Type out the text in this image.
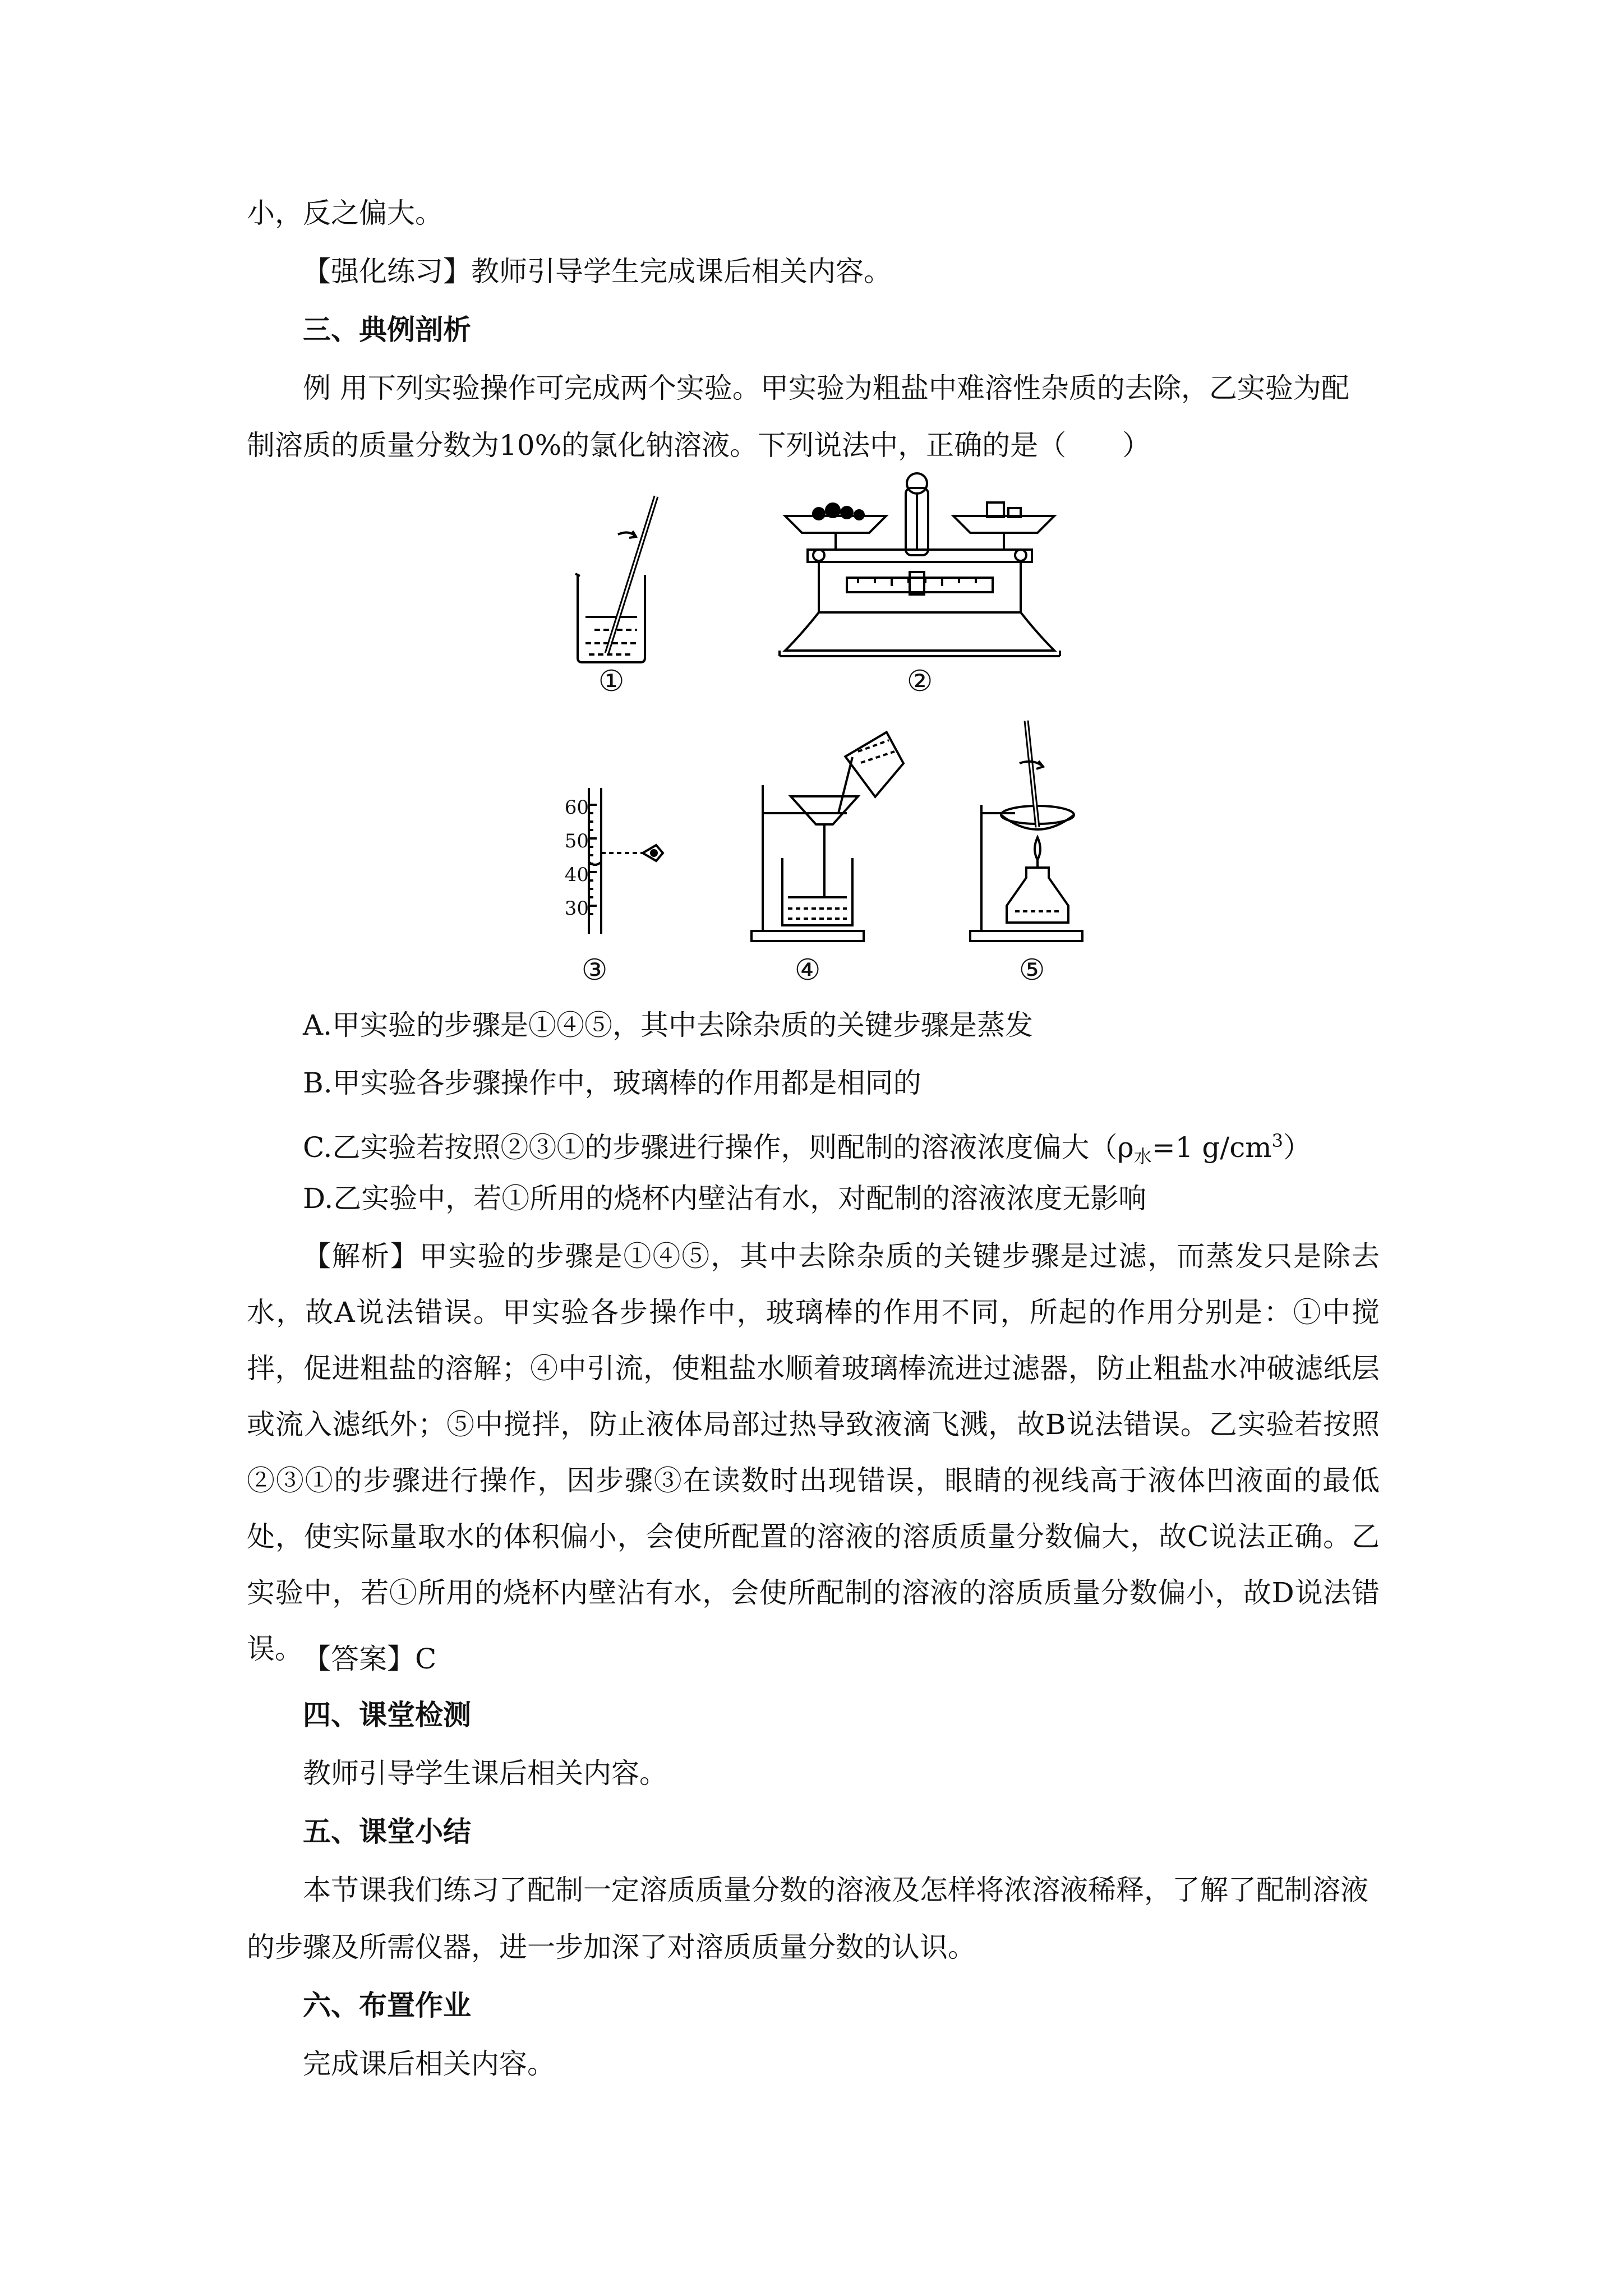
小，反之偏大。
【强化练习】教师引导学生完成课后相关内容。
三、典例剖析
例 用下列实验操作可完成两个实验。甲实验为粗盐中难溶性杂质的去除，乙实验为配
制溶质的质量分数为10%的氯化钠溶液。下列说法中，正确的是（　　）
①	②
60
50
40
30
③	④	⑤
A.甲实验的步骤是①④⑤，其中去除杂质的关键步骤是蒸发
B.甲实验各步骤操作中，玻璃棒的作用都是相同的
C.乙实验若按照②③①的步骤进行操作，则配制的溶液浓度偏大（$\rho_水=1$ $g/cm^3$）
D.乙实验中，若①所用的烧杯内壁沾有水，对配制的溶液浓度无影响
【解析】甲实验的步骤是①④⑤，其中去除杂质的关键步骤是过滤，而蒸发只是除去水，故A说法错误。甲实验各步操作中，玻璃棒的作用不同，所起的作用分别是：①中搅拌，促进粗盐的溶解；④中引流，使粗盐水顺着玻璃棒流进过滤器，防止粗盐水冲破滤纸层或流入滤纸外；⑤中搅拌，防止液体局部过热导致液滴飞溅，故B说法错误。乙实验若按照②③①的步骤进行操作，因步骤③在读数时出现错误，眼睛的视线高于液体凹液面的最低处，使实际量取水的体积偏小，会使所配置的溶液的溶质质量分数偏大，故C说法正确。乙实验中，若①所用的烧杯内壁沾有水，会使所配制的溶液的溶质质量分数偏小，故D说法错误。 【答案】C
四、课堂检测
教师引导学生课后相关内容。
五、课堂小结
本节课我们练习了配制一定溶质质量分数的溶液及怎样将浓溶液稀释，了解了配制溶液
的步骤及所需仪器，进一步加深了对溶质质量分数的认识。
六、布置作业
完成课后相关内容。
